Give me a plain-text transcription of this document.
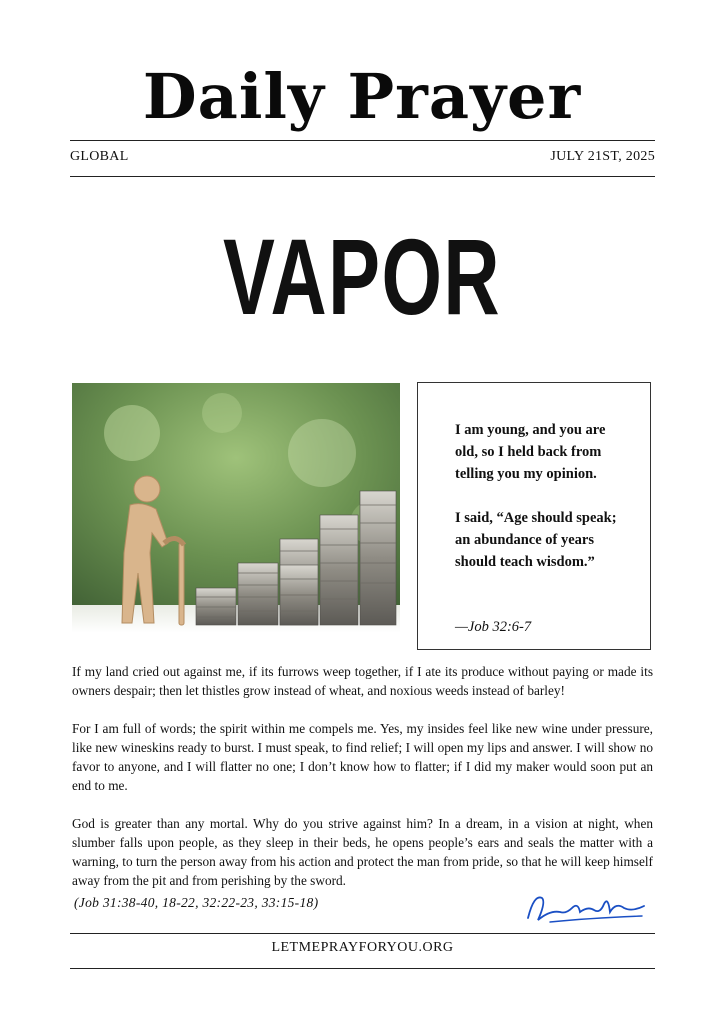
Daily Prayer
GLOBAL	JULY 21ST, 2025
VAPOR

I am young, and you are old, so I held back from telling you my opinion.

I said, “Age should speak; an abundance of years should teach wisdom.”

—Job 32:6-7

If my land cried out against me, if its furrows weep together, if I ate its produce without paying or made its owners despair; then let thistles grow instead of wheat, and noxious weeds instead of barley!

For I am full of words; the spirit within me compels me. Yes, my insides feel like new wine under pressure, like new wineskins ready to burst. I must speak, to find relief; I will open my lips and answer. I will show no favor to anyone, and I will flatter no one; I don’t know how to flatter; if I did my maker would soon put an end to me.

God is greater than any mortal. Why do you strive against him? In a dream, in a vision at night, when slumber falls upon people, as they sleep in their beds, he opens people’s ears and seals the matter with a warning, to turn the person away from his action and protect the man from pride, so that he will keep himself away from the pit and from perishing by the sword.

(Job 31:38-40, 18-22, 32:22-23, 33:15-18)
LETMEPRAYFORYOU.ORG
